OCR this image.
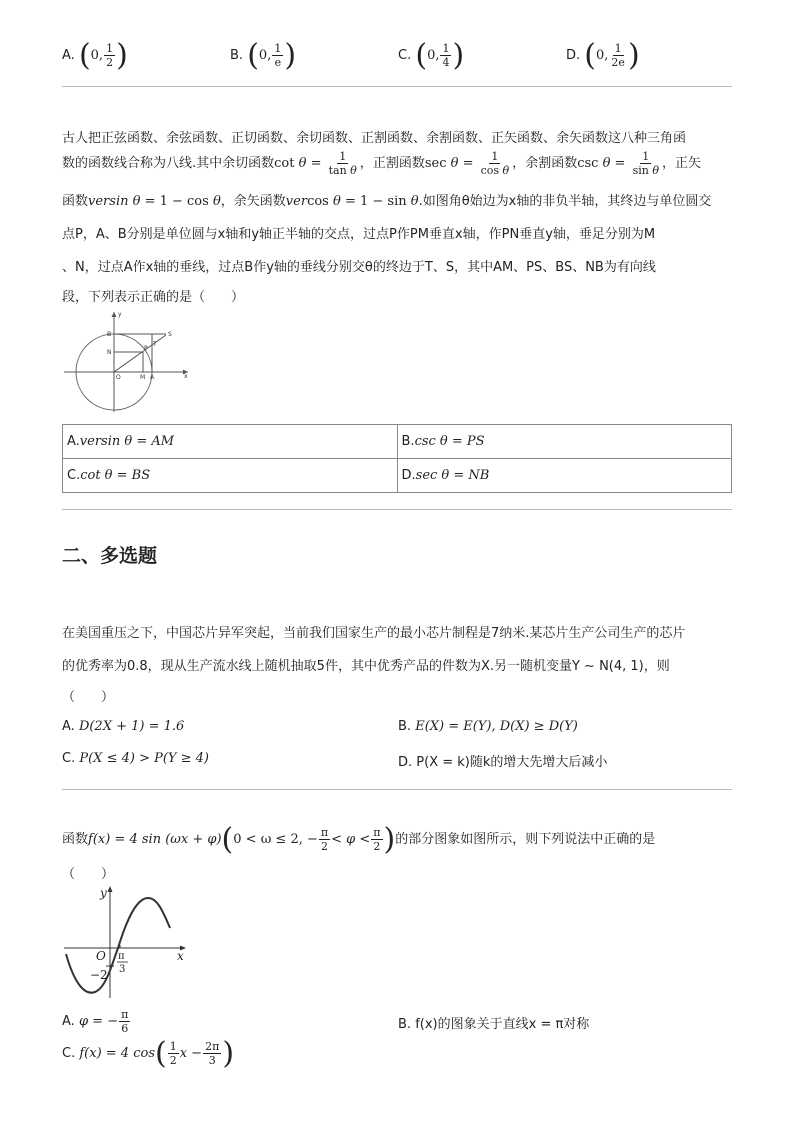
A. (0, $\frac{1}{2}$ )	B. (0, $\frac{1}{e}$ )	C. (0, $\frac{1}{4}$ )	D. (0, $\frac{1}{2e}$ )
古人把正弦函数、余弦函数、正切函数、余切函数、正割函数、余割函数、正矢函数、余矢函数这八种三角函
数的函数线合称为八线.其中余切函数$\cot \theta = \frac{1}{\text{tan θ}}$ ，正割函数$\sec \theta = \frac{1}{\text{cos θ}}$ ，余割函数$\csc \theta = \frac{1}{\text{sin θ}}$ ，正矢
函数versin θ = 1 − cos θ，余矢函数vercos θ = 1 − sin θ.如图角θ始边为x轴的非负半轴，其终边与单位圆交
点P，A、B分别是单位圆与x轴和y轴正半轴的交点，过点P作PM垂直x轴，作PN垂直y轴，垂足分别为M
、N，过点A作x轴的垂线，过点B作y轴的垂线分别交θ的终边于T、S，其中AM、PS、BS、NB为有向线
段，下列表示正确的是（　　）
y
B	S
T
P
N
O	M A	x
A.versin θ = AM	B.csc θ = PS
C.cot θ = BS	D.sec θ = NB
二、多选题
在美国重压之下，中国芯片异军突起，当前我们国家生产的最小芯片制程是7纳米.某芯片生产公司生产的芯片
的优秀率为0.8，现从生产流水线上随机抽取5件，其中优秀产品的件数为X.另一随机变量Y ∼ N(4, 1)，则
（　　）
A. D(2X + 1) = 1.6	B. E(X) = E(Y), D(X) ≥ D(Y)
C. P(X ≤ 4) > P(Y ≥ 4)	D. P(X = k)随k的增大先增大后减小
函数f(x) = 4 sin (ωx + φ)(0 < ω ≤ 2, − $\frac{\pi}{2} < \varphi < \frac{\pi}{2}$ )的部分图象如图所示，则下列说法中正确的是
（　　）
y
x
O
−2
π
3
A. φ = − $\frac{\pi}{6}$	B. f(x)的图象关于直线x = π对称
C. f(x) = 4 $\cos( \frac{1}{2}$ $x - \frac{2\pi}{3}$ )
